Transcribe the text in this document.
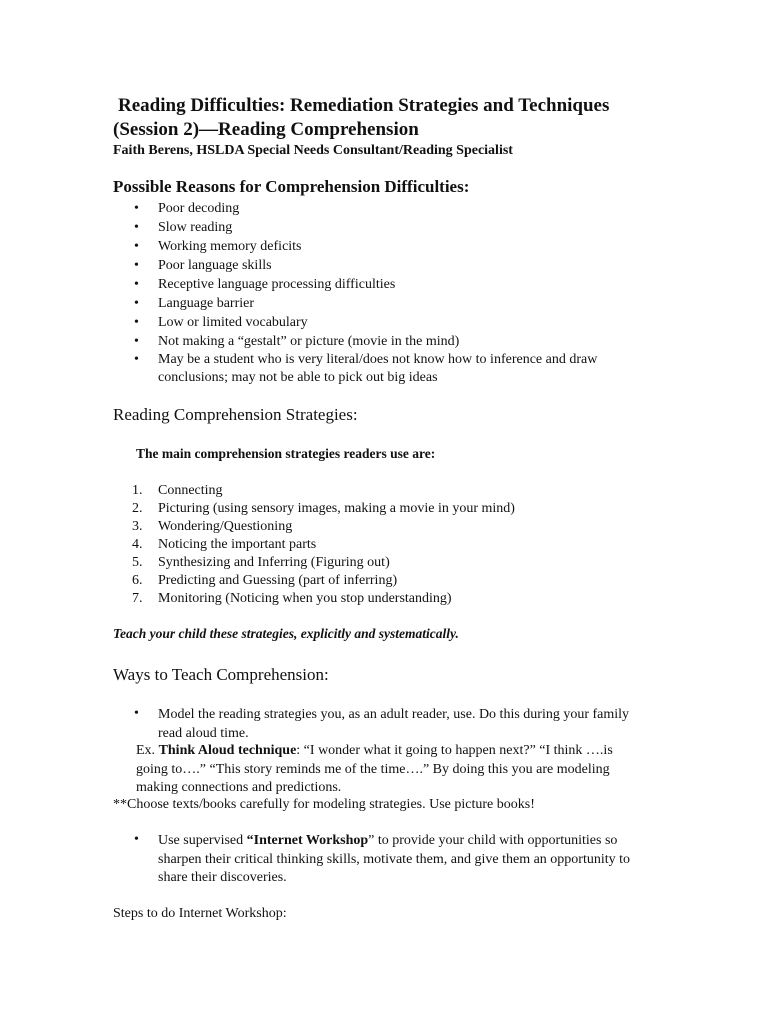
Reading Difficulties: Remediation Strategies and Techniques
(Session 2)—Reading Comprehension
Faith Berens, HSLDA Special Needs Consultant/Reading Specialist
Possible Reasons for Comprehension Difficulties:
• Poor decoding
• Slow reading
• Working memory deficits
• Poor language skills
• Receptive language processing difficulties
• Language barrier
• Low or limited vocabulary
• Not making a “gestalt” or picture (movie in the mind)
• May be a student who is very literal/does not know how to inference and draw conclusions; may not be able to pick out big ideas
Reading Comprehension Strategies:
The main comprehension strategies readers use are:
1. Connecting
2. Picturing (using sensory images, making a movie in your mind)
3. Wondering/Questioning
4. Noticing the important parts
5. Synthesizing and Inferring (Figuring out)
6. Predicting and Guessing (part of inferring)
7. Monitoring (Noticing when you stop understanding)
Teach your child these strategies, explicitly and systematically.
Ways to Teach Comprehension:
• Model the reading strategies you, as an adult reader, use. Do this during your family read aloud time.
Ex. Think Aloud technique: “I wonder what it going to happen next?” “I think ….is going to….” “This story reminds me of the time….” By doing this you are modeling making connections and predictions.
**Choose texts/books carefully for modeling strategies. Use picture books!
• Use supervised “Internet Workshop” to provide your child with opportunities so sharpen their critical thinking skills, motivate them, and give them an opportunity to share their discoveries.
Steps to do Internet Workshop:
